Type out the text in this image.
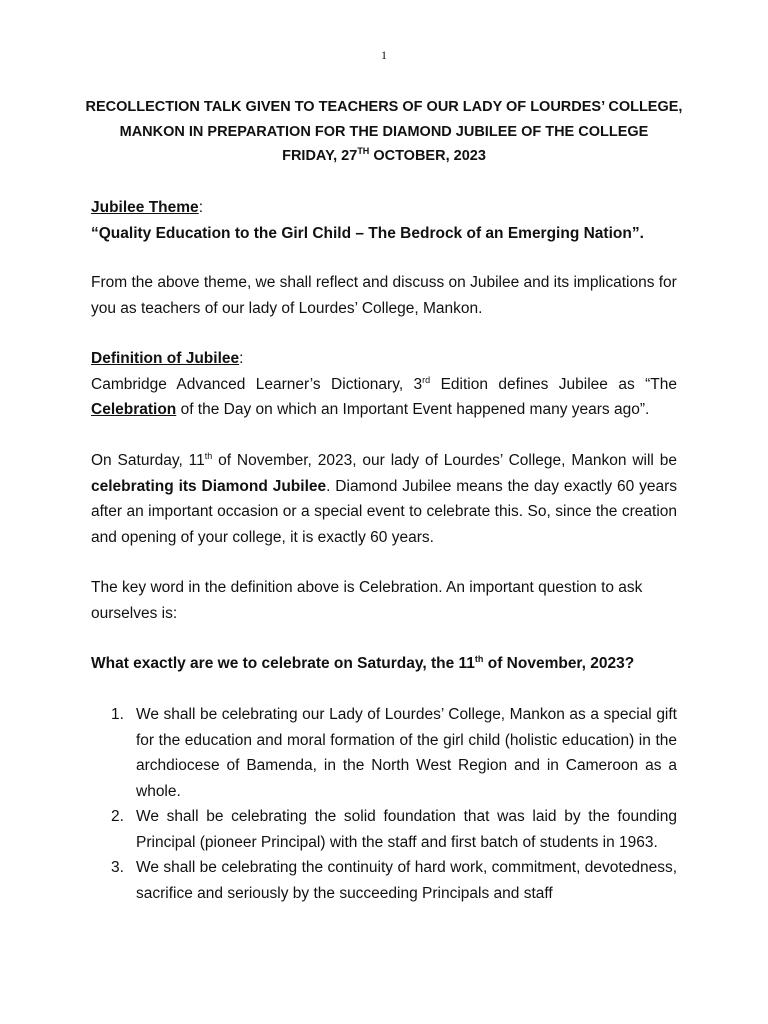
1
RECOLLECTION TALK GIVEN TO TEACHERS OF OUR LADY OF LOURDES’ COLLEGE,
MANKON IN PREPARATION FOR THE DIAMOND JUBILEE OF THE COLLEGE
FRIDAY, 27TH OCTOBER, 2023
Jubilee Theme:
“Quality Education to the Girl Child – The Bedrock of an Emerging Nation”.
From the above theme, we shall reflect and discuss on Jubilee and its implications for you as teachers of our lady of Lourdes’ College, Mankon.
Definition of Jubilee:
Cambridge Advanced Learner’s Dictionary, 3rd Edition defines Jubilee as “The Celebration of the Day on which an Important Event happened many years ago”.
On Saturday, 11th of November, 2023, our lady of Lourdes’ College, Mankon will be celebrating its Diamond Jubilee. Diamond Jubilee means the day exactly 60 years after an important occasion or a special event to celebrate this. So, since the creation and opening of your college, it is exactly 60 years.
The key word in the definition above is Celebration. An important question to ask ourselves is:
What exactly are we to celebrate on Saturday, the 11th of November, 2023?
1. We shall be celebrating our Lady of Lourdes’ College, Mankon as a special gift for the education and moral formation of the girl child (holistic education) in the archdiocese of Bamenda, in the North West Region and in Cameroon as a whole.
2. We shall be celebrating the solid foundation that was laid by the founding Principal (pioneer Principal) with the staff and first batch of students in 1963.
3. We shall be celebrating the continuity of hard work, commitment, devotedness, sacrifice and seriously by the succeeding Principals and staff
